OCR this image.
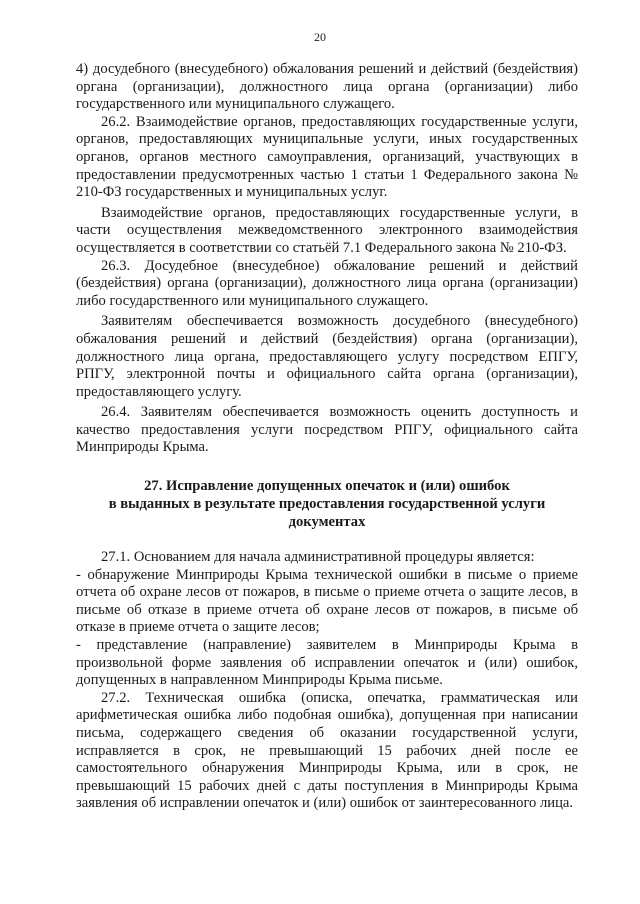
20

4) досудебного (внесудебного) обжалования решений и действий (бездействия) органа (организации), должностного лица органа (организации) либо государственного или муниципального служащего.

26.2. Взаимодействие органов, предоставляющих государственные услуги, органов, предоставляющих муниципальные услуги, иных государственных органов, органов местного самоуправления, организаций, участвующих в предоставлении предусмотренных частью 1 статьи 1 Федерального закона № 210-ФЗ государственных и муниципальных услуг.

Взаимодействие органов, предоставляющих государственные услуги, в части осуществления межведомственного электронного взаимодействия осуществляется в соответствии со статьёй 7.1 Федерального закона № 210-ФЗ.

26.3. Досудебное (внесудебное) обжалование решений и действий (бездействия) органа (организации), должностного лица органа (организации) либо государственного или муниципального служащего.

Заявителям обеспечивается возможность досудебного (внесудебного) обжалования решений и действий (бездействия) органа (организации), должностного лица органа, предоставляющего услугу посредством ЕПГУ, РПГУ, электронной почты и официального сайта органа (организации), предоставляющего услугу.

26.4. Заявителям обеспечивается возможность оценить доступность и качество предоставления услуги посредством РПГУ, официального сайта Минприроды Крыма.

27. Исправление допущенных опечаток и (или) ошибок
в выданных в результате предоставления государственной услуги
документах

27.1. Основанием для начала административной процедуры является:

- обнаружение Минприроды Крыма технической ошибки в письме о приеме отчета об охране лесов от пожаров, в письме о приеме отчета о защите лесов, в письме об отказе в приеме отчета об охране лесов от пожаров, в письме об отказе в приеме отчета о защите лесов;

- представление (направление) заявителем в Минприроды Крыма в произвольной форме заявления об исправлении опечаток и (или) ошибок, допущенных в направленном Минприроды Крыма письме.

27.2. Техническая ошибка (описка, опечатка, грамматическая или арифметическая ошибка либо подобная ошибка), допущенная при написании письма, содержащего сведения об оказании государственной услуги, исправляется в срок, не превышающий 15 рабочих дней после ее самостоятельного обнаружения Минприроды Крыма, или в срок, не превышающий 15 рабочих дней с даты поступления в Минприроды Крыма заявления об исправлении опечаток и (или) ошибок от заинтересованного лица.
